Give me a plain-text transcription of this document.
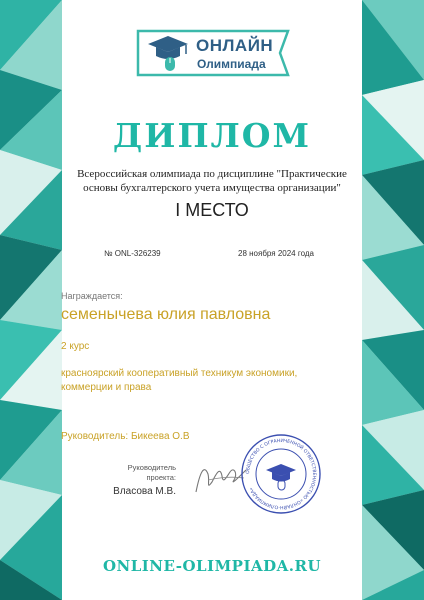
ОНЛАЙН
Олимпиада
ДИПЛОМ
Всероссийская олимпиада по дисциплине "Практические основы бухгалтерского учета имущества организации"
I МЕСТО
№ ONL-326239	28 ноября 2024 года
Награждается:
семенычева юлия павловна
2 курс
красноярский кооперативный техникум экономики, коммерции и права
Руководитель: Бикеева О.В
Руководитель проекта:
Власова М.В.
ОБЩЕСТВО С ОГРАНИЧЕННОЙ ОТВЕТСТВЕННОСТЬЮ «ОНЛАЙН-ОЛИМПИАДА»
ONLINE-OLIMPIADA.RU
